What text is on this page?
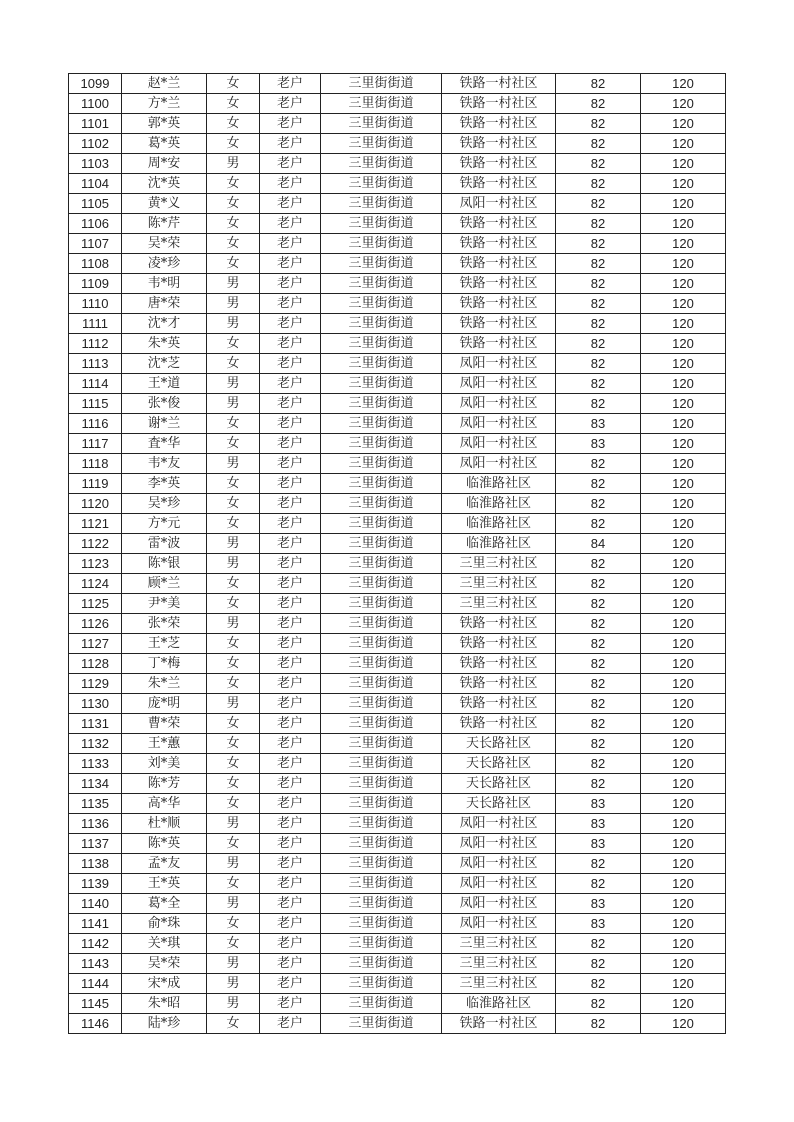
1099	赵*兰	女	老户	三里街街道	铁路一村社区	82	120
1100	方*兰	女	老户	三里街街道	铁路一村社区	82	120
1101	郭*英	女	老户	三里街街道	铁路一村社区	82	120
1102	葛*英	女	老户	三里街街道	铁路一村社区	82	120
1103	周*安	男	老户	三里街街道	铁路一村社区	82	120
1104	沈*英	女	老户	三里街街道	铁路一村社区	82	120
1105	黄*义	女	老户	三里街街道	凤阳一村社区	82	120
1106	陈*芹	女	老户	三里街街道	铁路一村社区	82	120
1107	吴*荣	女	老户	三里街街道	铁路一村社区	82	120
1108	凌*珍	女	老户	三里街街道	铁路一村社区	82	120
1109	韦*明	男	老户	三里街街道	铁路一村社区	82	120
1110	唐*荣	男	老户	三里街街道	铁路一村社区	82	120
1111	沈*才	男	老户	三里街街道	铁路一村社区	82	120
1112	朱*英	女	老户	三里街街道	铁路一村社区	82	120
1113	沈*芝	女	老户	三里街街道	凤阳一村社区	82	120
1114	王*道	男	老户	三里街街道	凤阳一村社区	82	120
1115	张*俊	男	老户	三里街街道	凤阳一村社区	82	120
1116	谢*兰	女	老户	三里街街道	凤阳一村社区	83	120
1117	査*华	女	老户	三里街街道	凤阳一村社区	83	120
1118	韦*友	男	老户	三里街街道	凤阳一村社区	82	120
1119	李*英	女	老户	三里街街道	临淮路社区	82	120
1120	吴*珍	女	老户	三里街街道	临淮路社区	82	120
1121	方*元	女	老户	三里街街道	临淮路社区	82	120
1122	雷*波	男	老户	三里街街道	临淮路社区	84	120
1123	陈*银	男	老户	三里街街道	三里三村社区	82	120
1124	顾*兰	女	老户	三里街街道	三里三村社区	82	120
1125	尹*美	女	老户	三里街街道	三里三村社区	82	120
1126	张*荣	男	老户	三里街街道	铁路一村社区	82	120
1127	王*芝	女	老户	三里街街道	铁路一村社区	82	120
1128	丁*梅	女	老户	三里街街道	铁路一村社区	82	120
1129	朱*兰	女	老户	三里街街道	铁路一村社区	82	120
1130	庞*明	男	老户	三里街街道	铁路一村社区	82	120
1131	曹*荣	女	老户	三里街街道	铁路一村社区	82	120
1132	王*蕙	女	老户	三里街街道	天长路社区	82	120
1133	刘*美	女	老户	三里街街道	天长路社区	82	120
1134	陈*芳	女	老户	三里街街道	天长路社区	82	120
1135	高*华	女	老户	三里街街道	天长路社区	83	120
1136	杜*顺	男	老户	三里街街道	凤阳一村社区	83	120
1137	陈*英	女	老户	三里街街道	凤阳一村社区	83	120
1138	孟*友	男	老户	三里街街道	凤阳一村社区	82	120
1139	王*英	女	老户	三里街街道	凤阳一村社区	82	120
1140	葛*全	男	老户	三里街街道	凤阳一村社区	83	120
1141	俞*珠	女	老户	三里街街道	凤阳一村社区	83	120
1142	关*琪	女	老户	三里街街道	三里三村社区	82	120
1143	吴*荣	男	老户	三里街街道	三里三村社区	82	120
1144	宋*成	男	老户	三里街街道	三里三村社区	82	120
1145	朱*昭	男	老户	三里街街道	临淮路社区	82	120
1146	陆*珍	女	老户	三里街街道	铁路一村社区	82	120
